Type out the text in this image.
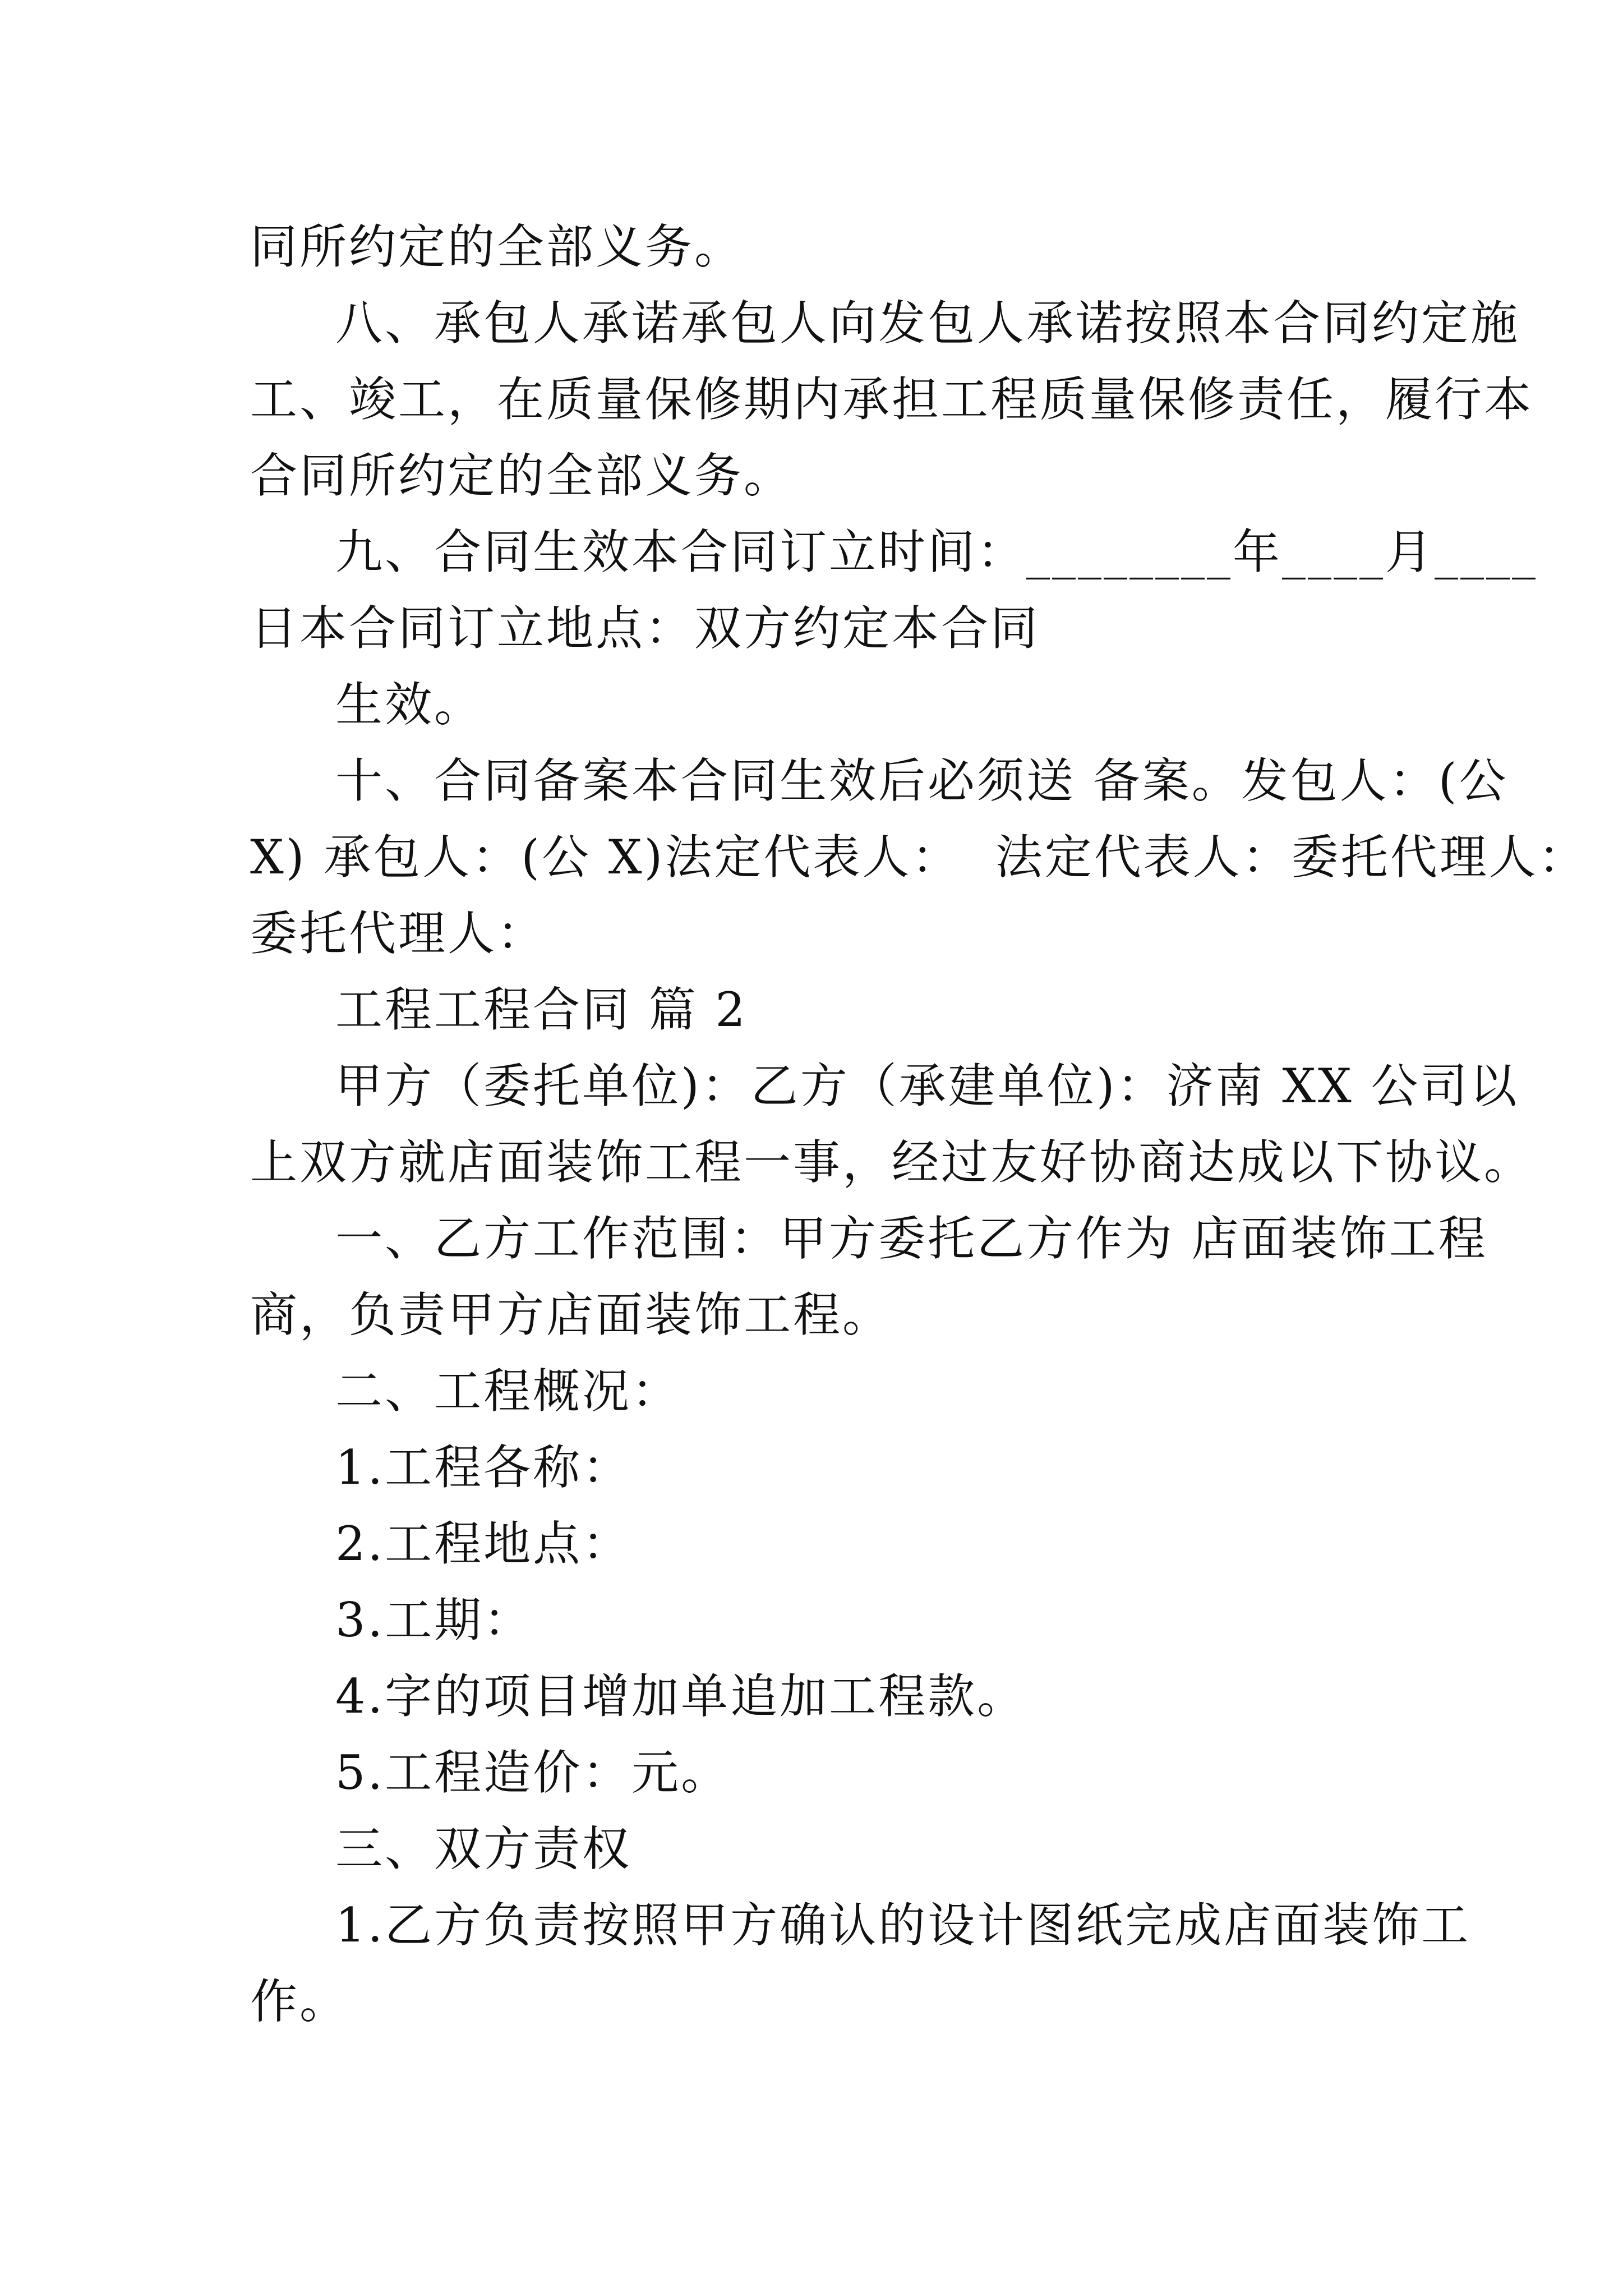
同所约定的全部义务。
八、承包人承诺承包人向发包人承诺按照本合同约定施
工、竣工，在质量保修期内承担工程质量保修责任，履行本
合同所约定的全部义务。
九、合同生效本合同订立时间：________年____月____
日本合同订立地点：双方约定本合同
生效。
十、合同备案本合同生效后必须送 备案。发包人：(公
X) 承包人：(公 X)法定代表人：  法定代表人：委托代理人：
委托代理人：
工程工程合同 篇 2
甲方（委托单位)：乙方（承建单位)：济南 XX 公司以
上双方就店面装饰工程一事，经过友好协商达成以下协议。
一、乙方工作范围：甲方委托乙方作为 店面装饰工程
商，负责甲方店面装饰工程。
二、工程概况：
1.工程各称：
2.工程地点：
3.工期：
4.字的项目增加单追加工程款。
5.工程造价：元。
三、双方责权
1.乙方负责按照甲方确认的设计图纸完成店面装饰工
作。
